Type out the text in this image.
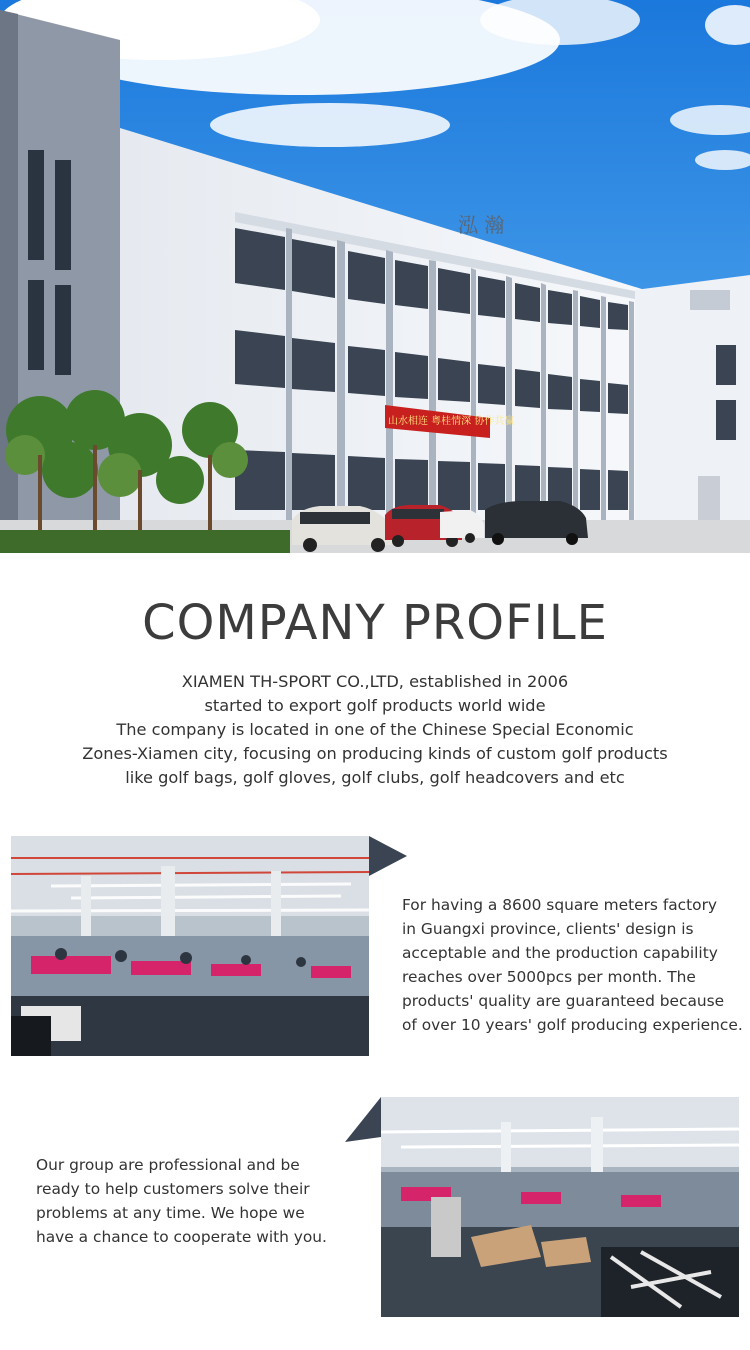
山水相连 粤桂情深 协作共赢
泓 瀚
COMPANY PROFILE
XIAMEN TH-SPORT CO.,LTD, established in 2006
started to export golf products world wide
The company is located in one of the Chinese Special Economic
Zones-Xiamen city, focusing on producing kinds of custom golf products
like golf bags, golf gloves, golf clubs, golf headcovers and etc
For having a 8600 square meters factory
in Guangxi province, clients' design is
acceptable and the production capability
reaches over 5000pcs per month. The
products' quality are guaranteed because
of over 10 years' golf producing experience.
Our group are professional and be
ready to help customers solve their
problems at any time. We hope we
have a chance to cooperate with you.
